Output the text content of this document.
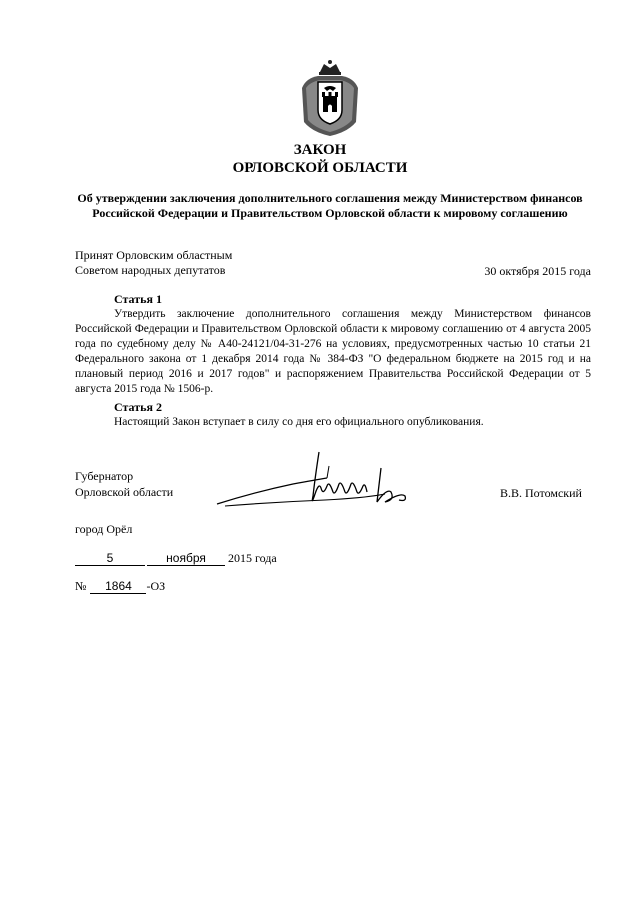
ЗАКОН
ОРЛОВСКОЙ ОБЛАСТИ
Об утверждении заключения дополнительного соглашения между Министерством финансов Российской Федерации и Правительством Орловской области к мировому соглашению
Принят Орловским областным
Советом народных депутатов	30 октября 2015 года
Статья 1
Утвердить заключение дополнительного соглашения между Министерством финансов Российской Федерации и Правительством Орловской области к мировому соглашению от 4 августа 2005 года по судебному делу № А40-24121/04-31-276 на условиях, предусмотренных частью 10 статьи 21 Федерального закона от 1 декабря 2014 года № 384-ФЗ "О федеральном бюджете на 2015 год и на плановый период 2016 и 2017 годов" и распоряжением Правительства Российской Федерации от 5 августа 2015 года № 1506-р.
Статья 2
Настоящий Закон вступает в силу со дня его официального опубликования.
Губернатор
Орловской области	В.В. Потомский
город Орёл
5	ноября 2015 года
№ 1864 -ОЗ
